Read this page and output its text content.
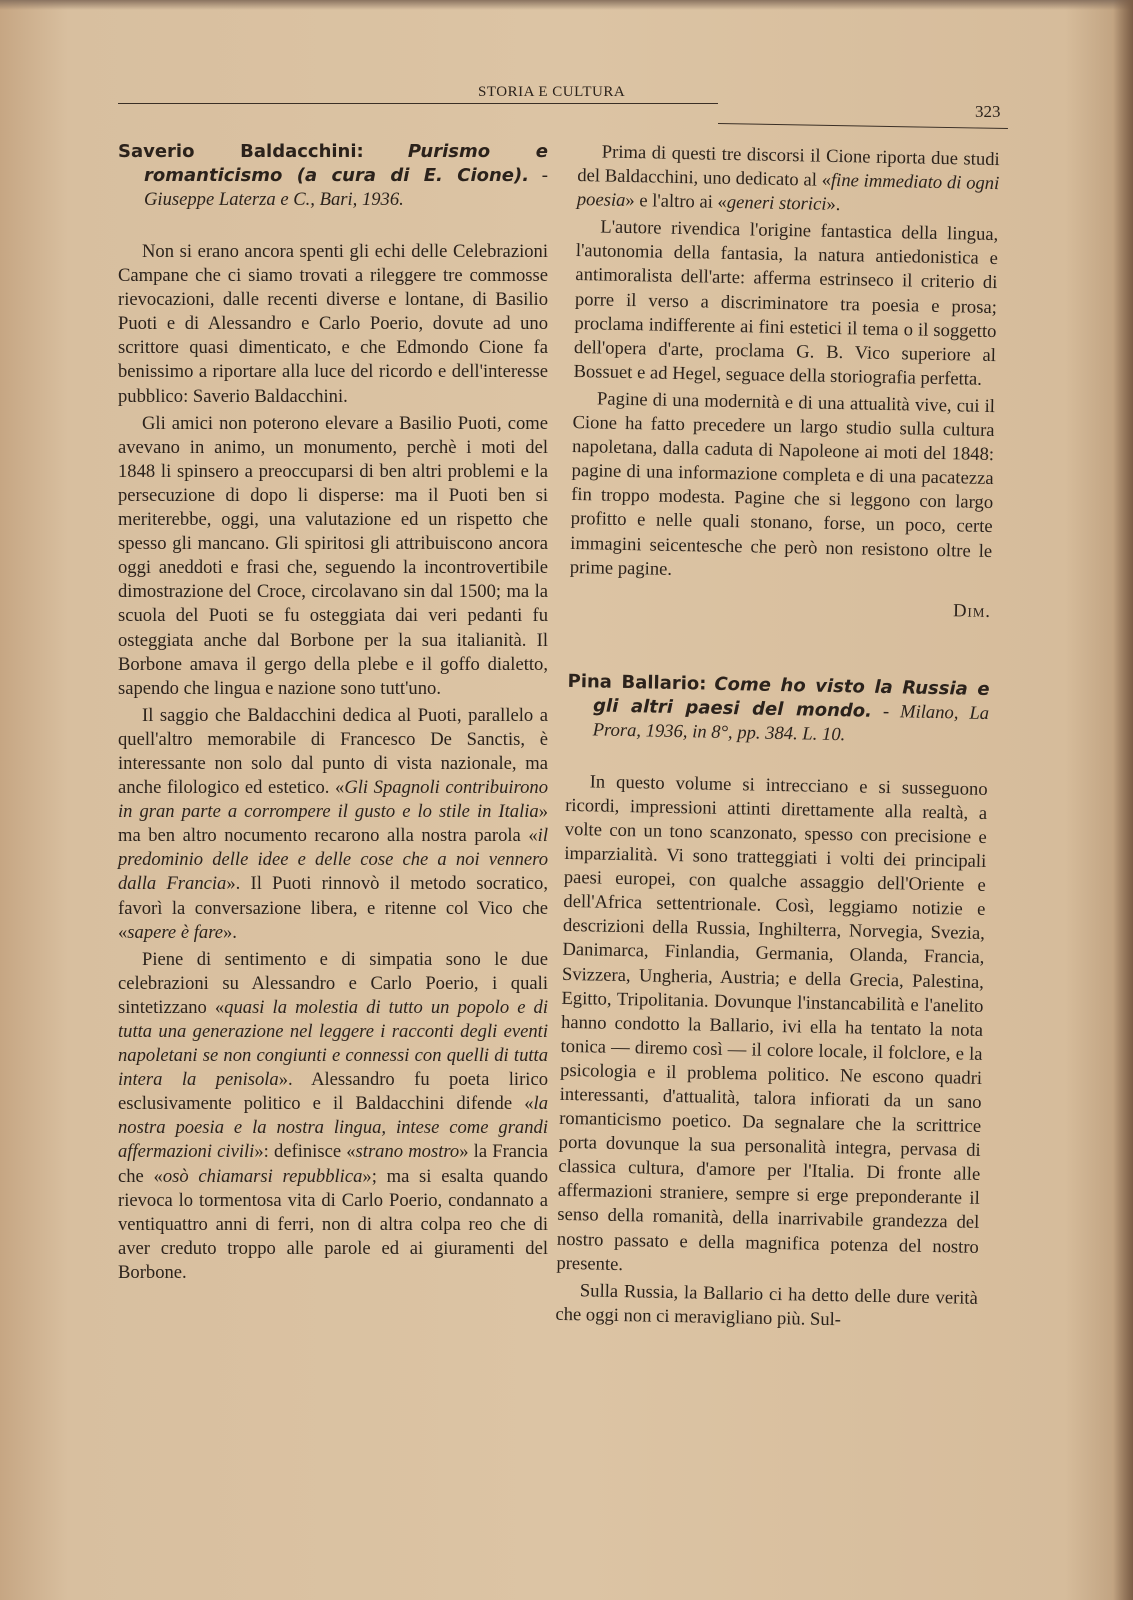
STORIA E CULTURA
323

Saverio Baldacchini: Purismo e romanticismo (a cura di E. Cione). - Giuseppe Laterza e C., Bari, 1936.

Non si erano ancora spenti gli echi delle Celebrazioni Campane che ci siamo trovati a rileggere tre commosse rievocazioni, dalle recenti diverse e lontane, di Basilio Puoti e di Alessandro e Carlo Poerio, dovute ad uno scrittore quasi dimenticato, e che Edmondo Cione fa benissimo a riportare alla luce del ricordo e dell'interesse pubblico: Saverio Baldacchini.

Gli amici non poterono elevare a Basilio Puoti, come avevano in animo, un monumento, perchè i moti del 1848 li spinsero a preoccuparsi di ben altri problemi e la persecuzione di dopo li disperse: ma il Puoti ben si meriterebbe, oggi, una valutazione ed un rispetto che spesso gli mancano. Gli spiritosi gli attribuiscono ancora oggi aneddoti e frasi che, seguendo la incontrovertibile dimostrazione del Croce, circolavano sin dal 1500; ma la scuola del Puoti se fu osteggiata dai veri pedanti fu osteggiata anche dal Borbone per la sua italianità. Il Borbone amava il gergo della plebe e il goffo dialetto, sapendo che lingua e nazione sono tutt'uno.

Il saggio che Baldacchini dedica al Puoti, parallelo a quell'altro memorabile di Francesco De Sanctis, è interessante non solo dal punto di vista nazionale, ma anche filologico ed estetico. «Gli Spagnoli contribuirono in gran parte a corrompere il gusto e lo stile in Italia» ma ben altro nocumento recarono alla nostra parola «il predominio delle idee e delle cose che a noi vennero dalla Francia». Il Puoti rinnovò il metodo socratico, favorì la conversazione libera, e ritenne col Vico che «sapere è fare».

Piene di sentimento e di simpatia sono le due celebrazioni su Alessandro e Carlo Poerio, i quali sintetizzano «quasi la molestia di tutto un popolo e di tutta una generazione nel leggere i racconti degli eventi napoletani se non congiunti e connessi con quelli di tutta intera la penisola». Alessandro fu poeta lirico esclusivamente politico e il Baldacchini difende «la nostra poesia e la nostra lingua, intese come grandi affermazioni civili»: definisce «strano mostro» la Francia che «osò chiamarsi repubblica»; ma si esalta quando rievoca lo tormentosa vita di Carlo Poerio, condannato a ventiquattro anni di ferri, non di altra colpa reo che di aver creduto troppo alle parole ed ai giuramenti del Borbone.

Prima di questi tre discorsi il Cione riporta due studi del Baldacchini, uno dedicato al «fine immediato di ogni poesia» e l'altro ai «generi storici».

L'autore rivendica l'origine fantastica della lingua, l'autonomia della fantasia, la natura antiedonistica e antimoralista dell'arte: afferma estrinseco il criterio di porre il verso a discriminatore tra poesia e prosa; proclama indifferente ai fini estetici il tema o il soggetto dell'opera d'arte, proclama G. B. Vico superiore al Bossuet e ad Hegel, seguace della storiografia perfetta.

Pagine di una modernità e di una attualità vive, cui il Cione ha fatto precedere un largo studio sulla cultura napoletana, dalla caduta di Napoleone ai moti del 1848: pagine di una informazione completa e di una pacatezza fin troppo modesta. Pagine che si leggono con largo profitto e nelle quali stonano, forse, un poco, certe immagini seicentesche che però non resistono oltre le prime pagine.

Dim.

Pina Ballario: Come ho visto la Russia e gli altri paesi del mondo. - Milano, La Prora, 1936, in 8°, pp. 384. L. 10.

In questo volume si intrecciano e si susseguono ricordi, impressioni attinti direttamente alla realtà, a volte con un tono scanzonato, spesso con precisione e imparzialità. Vi sono tratteggiati i volti dei principali paesi europei, con qualche assaggio dell'Oriente e dell'Africa settentrionale. Così, leggiamo notizie e descrizioni della Russia, Inghilterra, Norvegia, Svezia, Danimarca, Finlandia, Germania, Olanda, Francia, Svizzera, Ungheria, Austria; e della Grecia, Palestina, Egitto, Tripolitania. Dovunque l'instancabilità e l'anelito hanno condotto la Ballario, ivi ella ha tentato la nota tonica — diremo così — il colore locale, il folclore, e la psicologia e il problema politico. Ne escono quadri interessanti, d'attualità, talora infiorati da un sano romanticismo poetico. Da segnalare che la scrittrice porta dovunque la sua personalità integra, pervasa di classica cultura, d'amore per l'Italia. Di fronte alle affermazioni straniere, sempre si erge preponderante il senso della romanità, della inarrivabile grandezza del nostro passato e della magnifica potenza del nostro presente.

Sulla Russia, la Ballario ci ha detto delle dure verità che oggi non ci meravigliano più. Sul-
